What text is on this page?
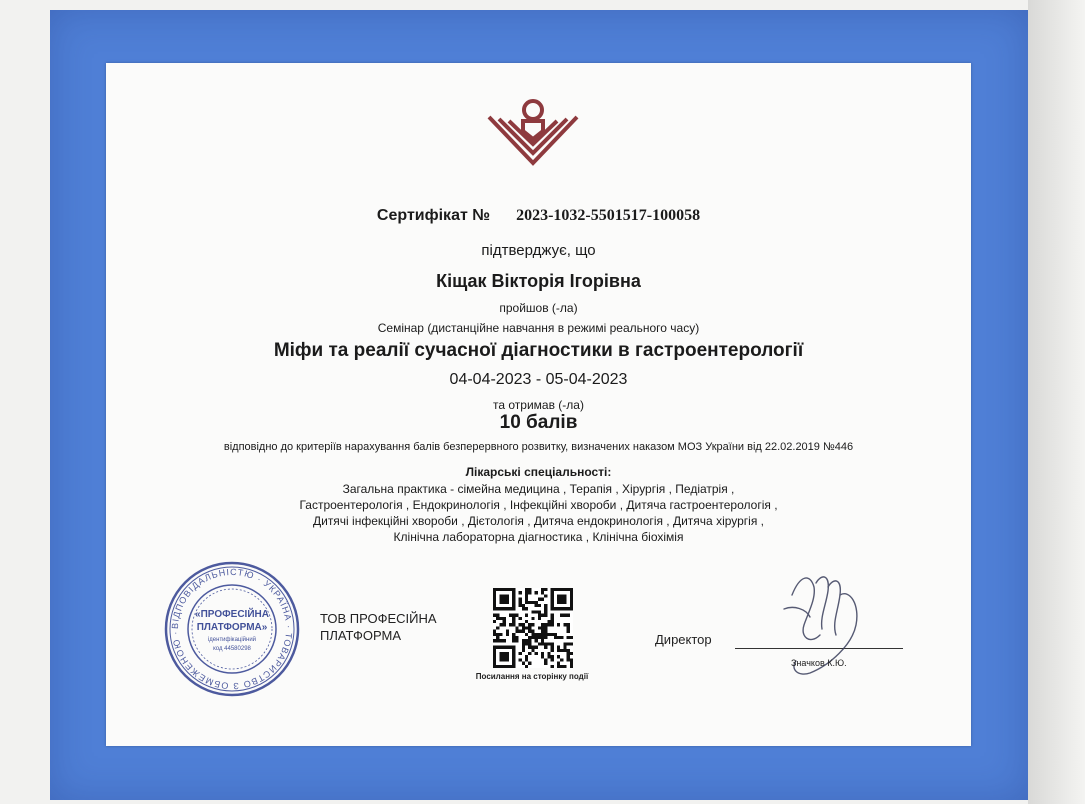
Сертифікат № 2023-1032-5501517-100058
підтверджує, що
Кіщак Вікторія Ігорівна
пройшов (-ла)
Семінар (дистанційне навчання в режимі реального часу)
Міфи та реалії сучасної діагностики в гастроентерології
04-04-2023 - 05-04-2023
та отримав (-ла)
10 балів
відповідно до критеріїв нарахування балів безперервного розвитку, визначених наказом МОЗ України від 22.02.2019 №446
Лікарські спеціальності:
Загальна практика - сімейна медицина , Терапія , Хірургія , Педіатрія ,
Гастроентерологія , Ендокринологія , Інфекційні хвороби , Дитяча гастроентерологія ,
Дитячі інфекційні хвороби , Дієтологія , Дитяча ендокринологія , Дитяча хірургія ,
Клінічна лабораторна діагностика , Клінічна біохімія
ВІДПОВІДАЛЬНІСТЮ · УКРАЇНА · ТОВАРИСТВО З ОБМЕЖЕНОЮ ·
«ПРОФЕСІЙНА
ПЛАТФОРМА»
ідентифікаційний
код 44580298
ТОВ ПРОФЕСІЙНА
ПЛАТФОРМА
Посилання на сторінку події
Директор
Значков К.Ю.
